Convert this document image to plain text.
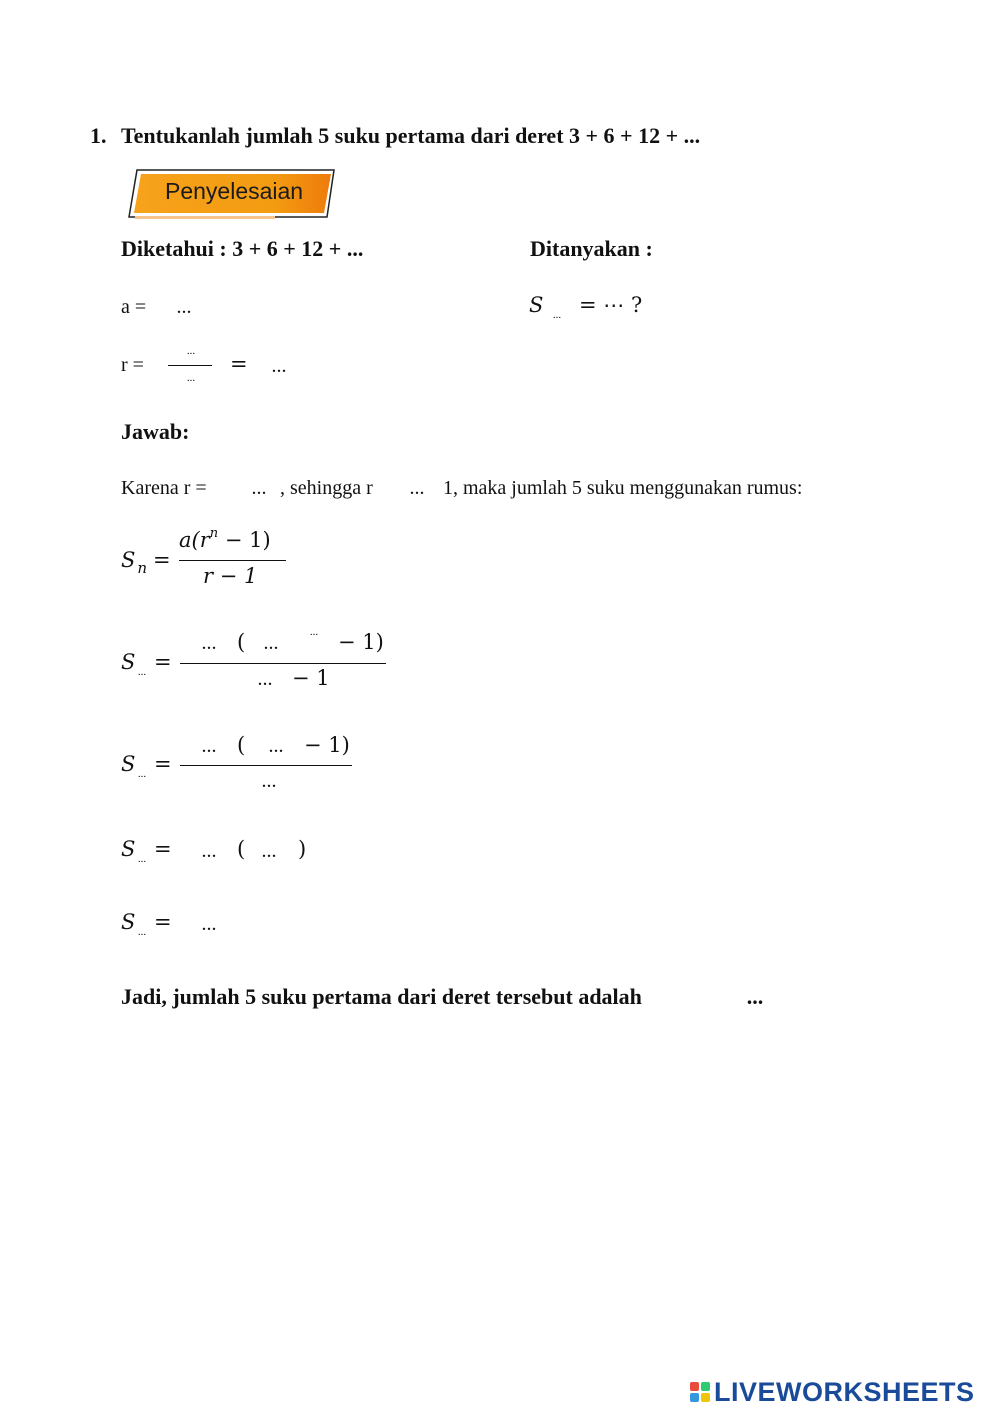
1. Tentukanlah jumlah 5 suku pertama dari deret 3 + 6 + 12 + ...
Penyelesaian
Diketahui : 3 + 6 + 12 + ...	Ditanyakan :
a =	...	S ... = ⋯ ?
r =
...
...
=	...
Jawab:
Karena r =	... , sehingga r	... 1, maka jumlah 5 suku menggunakan rumus:
S $_n$ =
$a(r^n - 1)$
r − 1
S ... =
... ( ...	... − 1)
... − 1
S ... =
... (	... − 1)
...
S ... =	... ( ...	)
S ... =	...
Jadi, jumlah 5 suku pertama dari deret tersebut adalah	...
LIVEWORKSHEETS
